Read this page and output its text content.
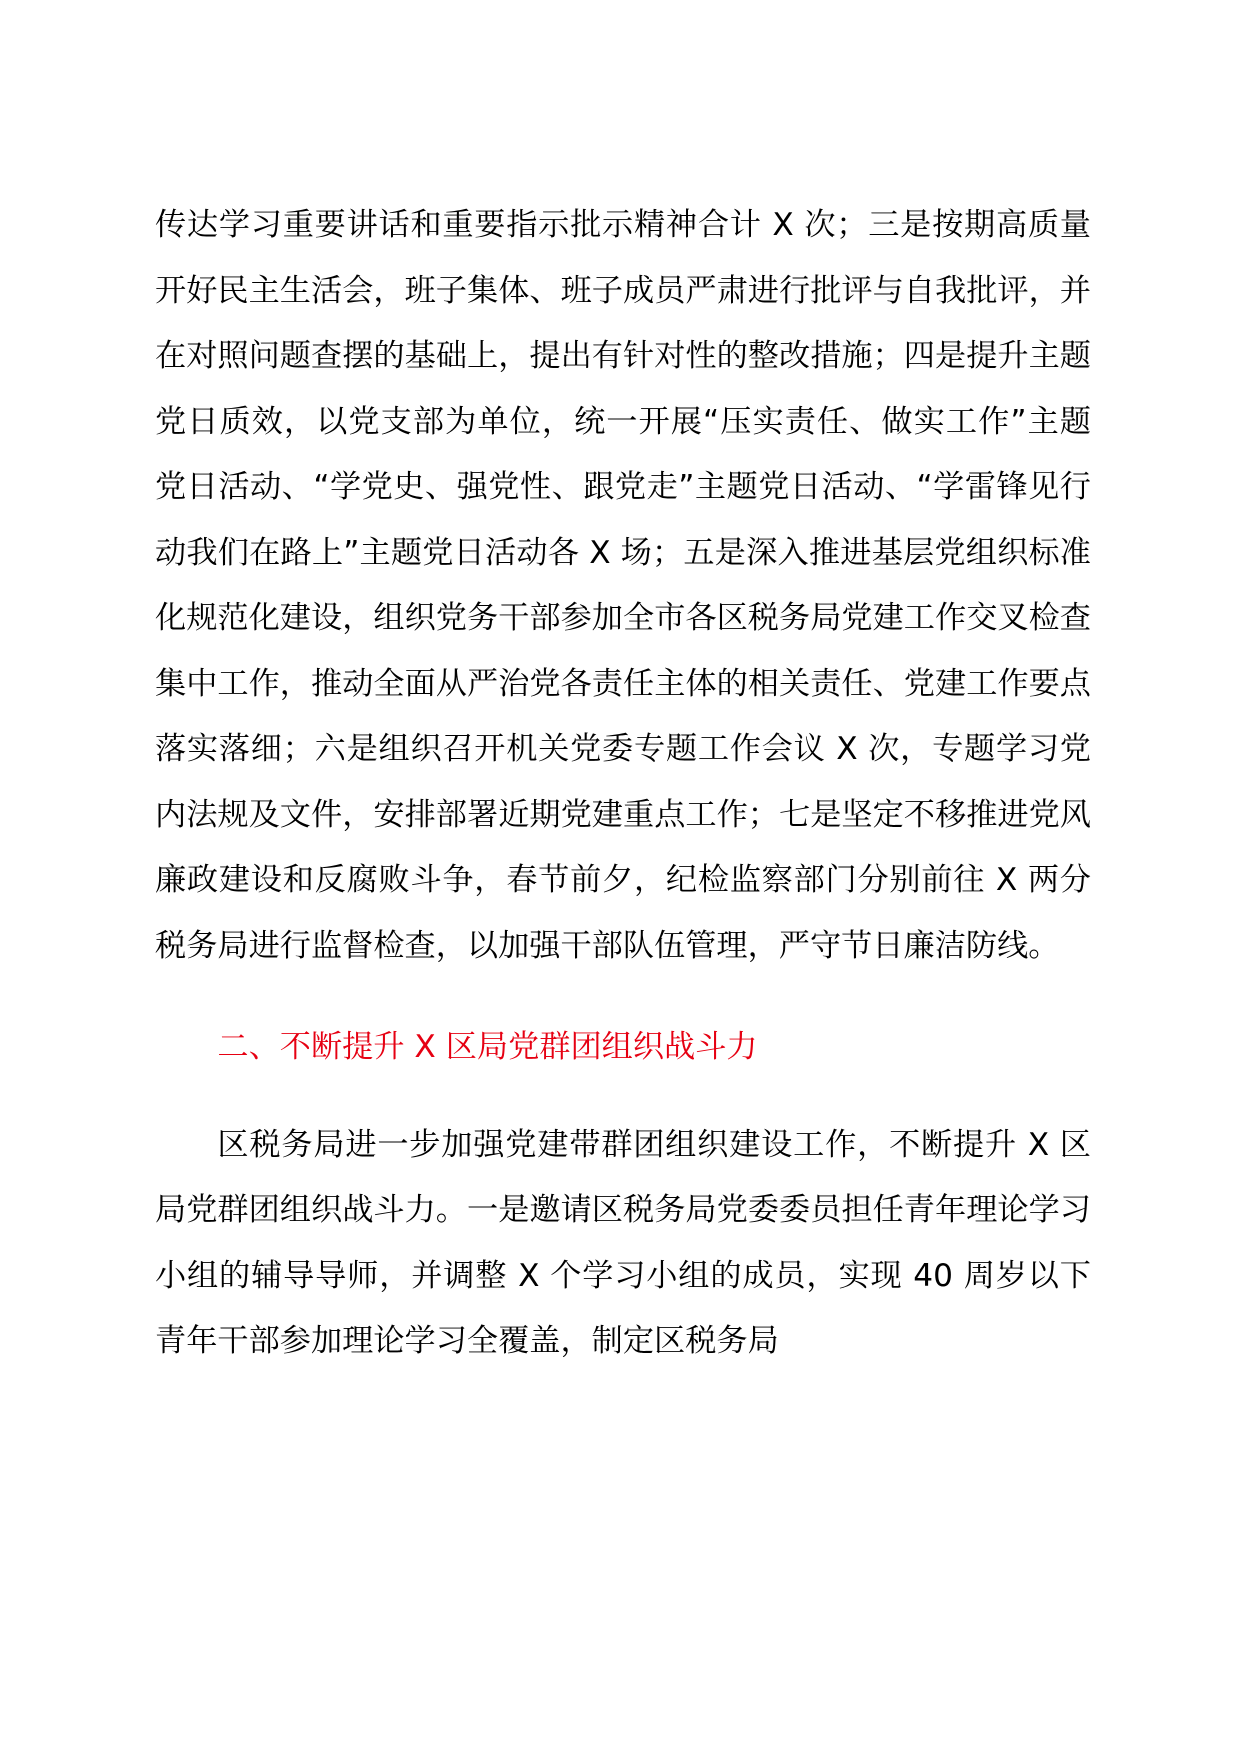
传达学习重要讲话和重要指示批示精神合计 X 次；三是按期高质量开好民主生活会，班子集体、班子成员严肃进行批评与自我批评，并在对照问题查摆的基础上，提出有针对性的整改措施；四是提升主题党日质效，以党支部为单位，统一开展“压实责任、做实工作”主题党日活动、“学党史、强党性、跟党走”主题党日活动、“学雷锋见行动我们在路上”主题党日活动各 X 场；五是深入推进基层党组织标准化规范化建设，组织党务干部参加全市各区税务局党建工作交叉检查集中工作，推动全面从严治党各责任主体的相关责任、党建工作要点落实落细；六是组织召开机关党委专题工作会议 X 次，专题学习党内法规及文件，安排部署近期党建重点工作；七是坚定不移推进党风廉政建设和反腐败斗争，春节前夕，纪检监察部门分别前往 X 两分税务局进行监督检查，以加强干部队伍管理，严守节日廉洁防线。

二、不断提升 X 区局党群团组织战斗力

区税务局进一步加强党建带群团组织建设工作，不断提升 X 区局党群团组织战斗力。一是邀请区税务局党委委员担任青年理论学习小组的辅导导师，并调整 X 个学习小组的成员，实现 40 周岁以下青年干部参加理论学习全覆盖，制定区税务局
